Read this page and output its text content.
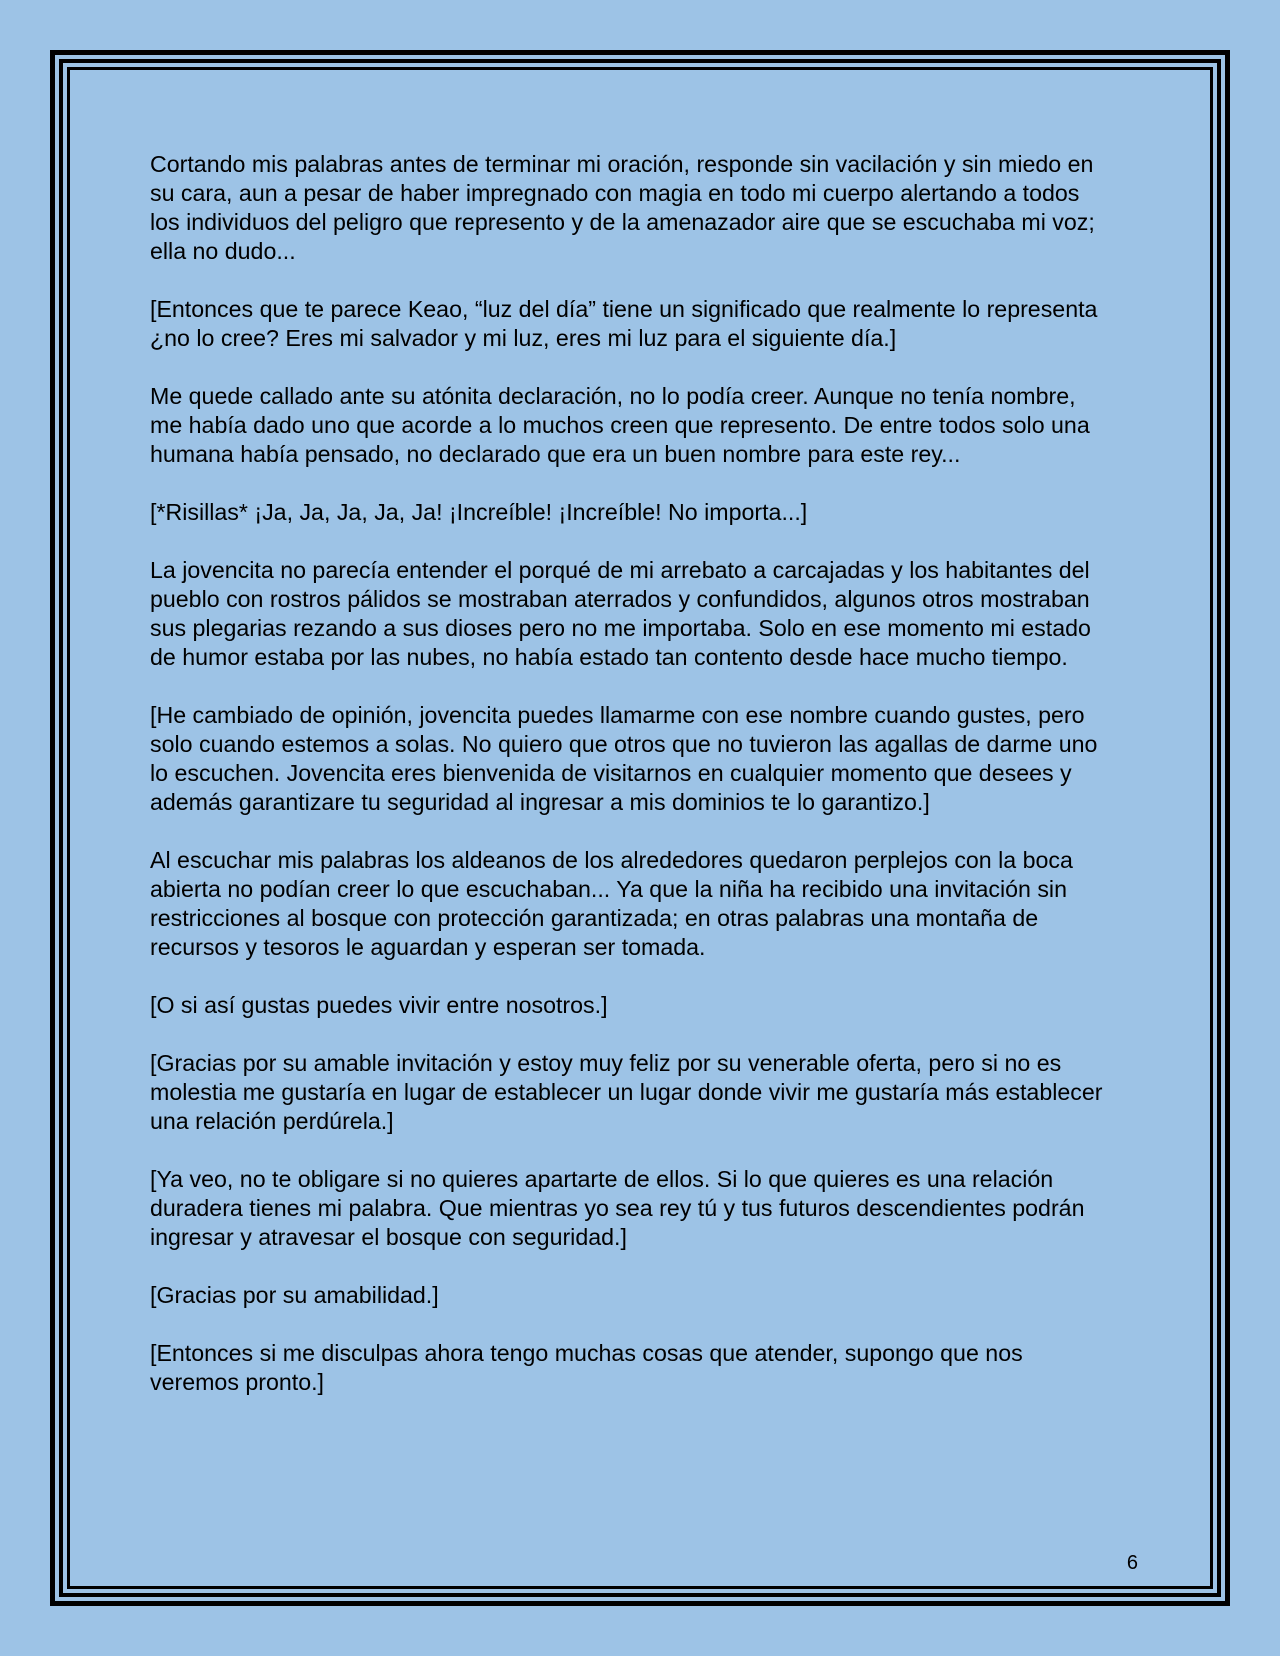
Cortando mis palabras antes de terminar mi oración, responde sin vacilación y sin miedo en su cara, aun a pesar de haber impregnado con magia en todo mi cuerpo alertando a todos los individuos del peligro que represento y de la amenazador aire que se escuchaba mi voz; ella no dudo...

[Entonces que te parece Keao, “luz del día” tiene un significado que realmente lo representa ¿no lo cree? Eres mi salvador y mi luz, eres mi luz para el siguiente día.]

Me quede callado ante su atónita declaración, no lo podía creer. Aunque no tenía nombre, me había dado uno que acorde a lo muchos creen que represento. De entre todos solo una humana había pensado, no declarado que era un buen nombre para este rey...

[*Risillas* ¡Ja, Ja, Ja, Ja, Ja! ¡Increíble! ¡Increíble! No importa...]

La jovencita no parecía entender el porqué de mi arrebato a carcajadas y los habitantes del pueblo con rostros pálidos se mostraban aterrados y confundidos, algunos otros mostraban sus plegarias rezando a sus dioses pero no me importaba. Solo en ese momento mi estado de humor estaba por las nubes, no había estado tan contento desde hace mucho tiempo.

[He cambiado de opinión, jovencita puedes llamarme con ese nombre cuando gustes, pero solo cuando estemos a solas. No quiero que otros que no tuvieron las agallas de darme uno lo escuchen. Jovencita eres bienvenida de visitarnos en cualquier momento que desees y además garantizare tu seguridad al ingresar a mis dominios te lo garantizo.]

Al escuchar mis palabras los aldeanos de los alrededores quedaron perplejos con la boca abierta no podían creer lo que escuchaban... Ya que la niña ha recibido una invitación sin restricciones al bosque con protección garantizada; en otras palabras una montaña de recursos y tesoros le aguardan y esperan ser tomada.

[O si así gustas puedes vivir entre nosotros.]

[Gracias por su amable invitación y estoy muy feliz por su venerable oferta, pero si no es molestia me gustaría en lugar de establecer un lugar donde vivir me gustaría más establecer una relación perdúrela.]

[Ya veo, no te obligare si no quieres apartarte de ellos. Si lo que quieres es una relación duradera tienes mi palabra. Que mientras yo sea rey tú y tus futuros descendientes podrán ingresar y atravesar el bosque con seguridad.]

[Gracias por su amabilidad.]

[Entonces si me disculpas ahora tengo muchas cosas que atender, supongo que nos veremos pronto.]

6
